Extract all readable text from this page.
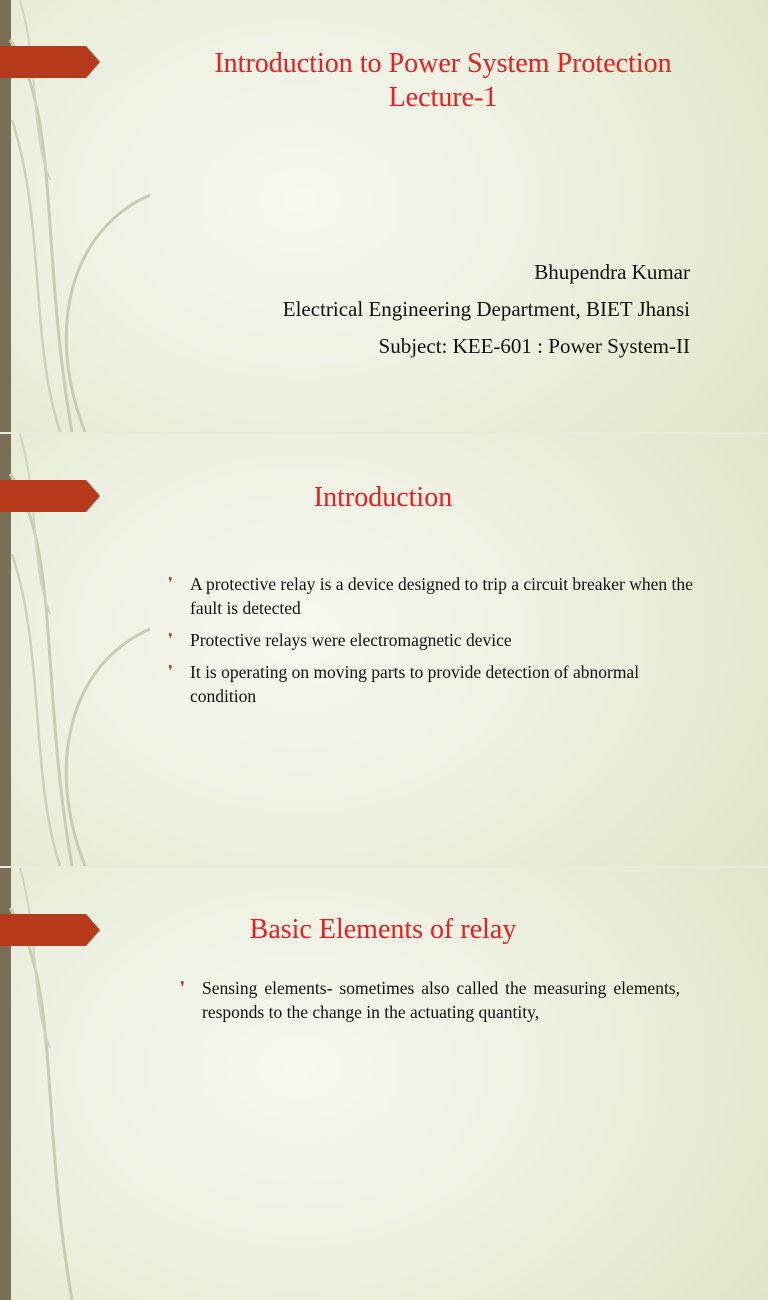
Introduction to Power System Protection
Lecture-1
Bhupendra Kumar
Electrical Engineering Department, BIET Jhansi
Subject: KEE-601 : Power System-II
Introduction
❜ A protective relay is a device designed to trip a circuit breaker when the fault is detected
❜ Protective relays were electromagnetic device
❜ It is operating on moving parts to provide detection of abnormal condition
Basic Elements of relay
❜ Sensing elements- sometimes also called the measuring elements, responds to the change in the actuating quantity,
